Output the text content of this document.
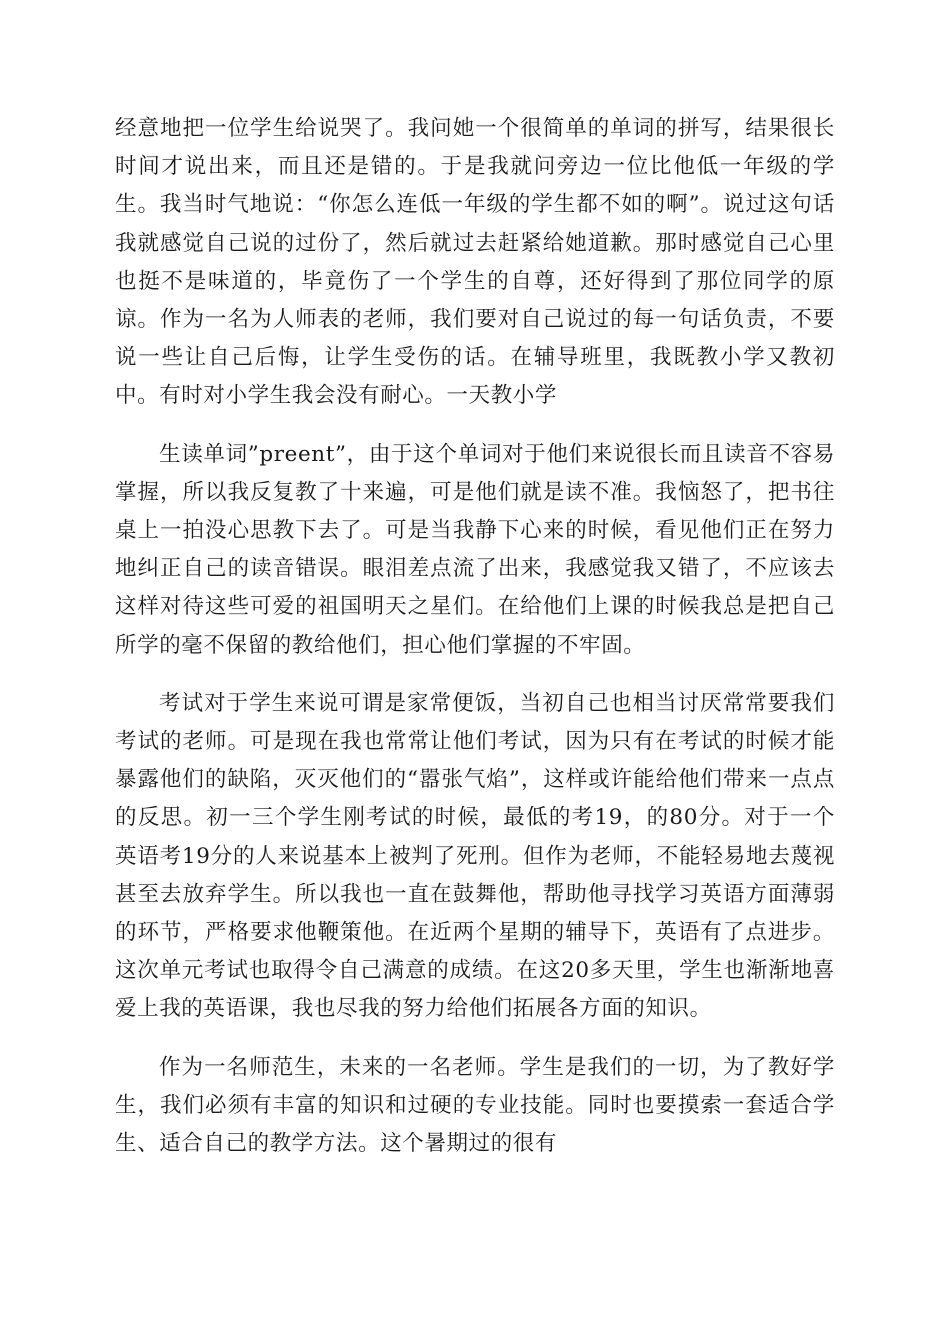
经意地把一位学生给说哭了。我问她一个很简单的单词的拼写，结果很长时间才说出来，而且还是错的。于是我就问旁边一位比他低一年级的学生。我当时气地说：“你怎么连低一年级的学生都不如的啊”。说过这句话我就感觉自己说的过份了，然后就过去赶紧给她道歉。那时感觉自己心里也挺不是味道的，毕竟伤了一个学生的自尊，还好得到了那位同学的原谅。作为一名为人师表的老师，我们要对自己说过的每一句话负责，不要说一些让自己后悔，让学生受伤的话。在辅导班里，我既教小学又教初中。有时对小学生我会没有耐心。一天教小学

生读单词”preent”，由于这个单词对于他们来说很长而且读音不容易掌握，所以我反复教了十来遍，可是他们就是读不准。我恼怒了，把书往桌上一拍没心思教下去了。可是当我静下心来的时候，看见他们正在努力地纠正自己的读音错误。眼泪差点流了出来，我感觉我又错了，不应该去这样对待这些可爱的祖国明天之星们。在给他们上课的时候我总是把自己所学的毫不保留的教给他们，担心他们掌握的不牢固。

考试对于学生来说可谓是家常便饭，当初自己也相当讨厌常常要我们考试的老师。可是现在我也常常让他们考试，因为只有在考试的时候才能暴露他们的缺陷，灭灭他们的“嚣张气焰”，这样或许能给他们带来一点点的反思。初一三个学生刚考试的时候，最低的考19，的80分。对于一个英语考19分的人来说基本上被判了死刑。但作为老师，不能轻易地去蔑视甚至去放弃学生。所以我也一直在鼓舞他，帮助他寻找学习英语方面薄弱的环节，严格要求他鞭策他。在近两个星期的辅导下，英语有了点进步。这次单元考试也取得令自己满意的成绩。在这20多天里，学生也渐渐地喜爱上我的英语课，我也尽我的努力给他们拓展各方面的知识。

作为一名师范生，未来的一名老师。学生是我们的一切，为了教好学生，我们必须有丰富的知识和过硬的专业技能。同时也要摸索一套适合学生、适合自己的教学方法。这个暑期过的很有
